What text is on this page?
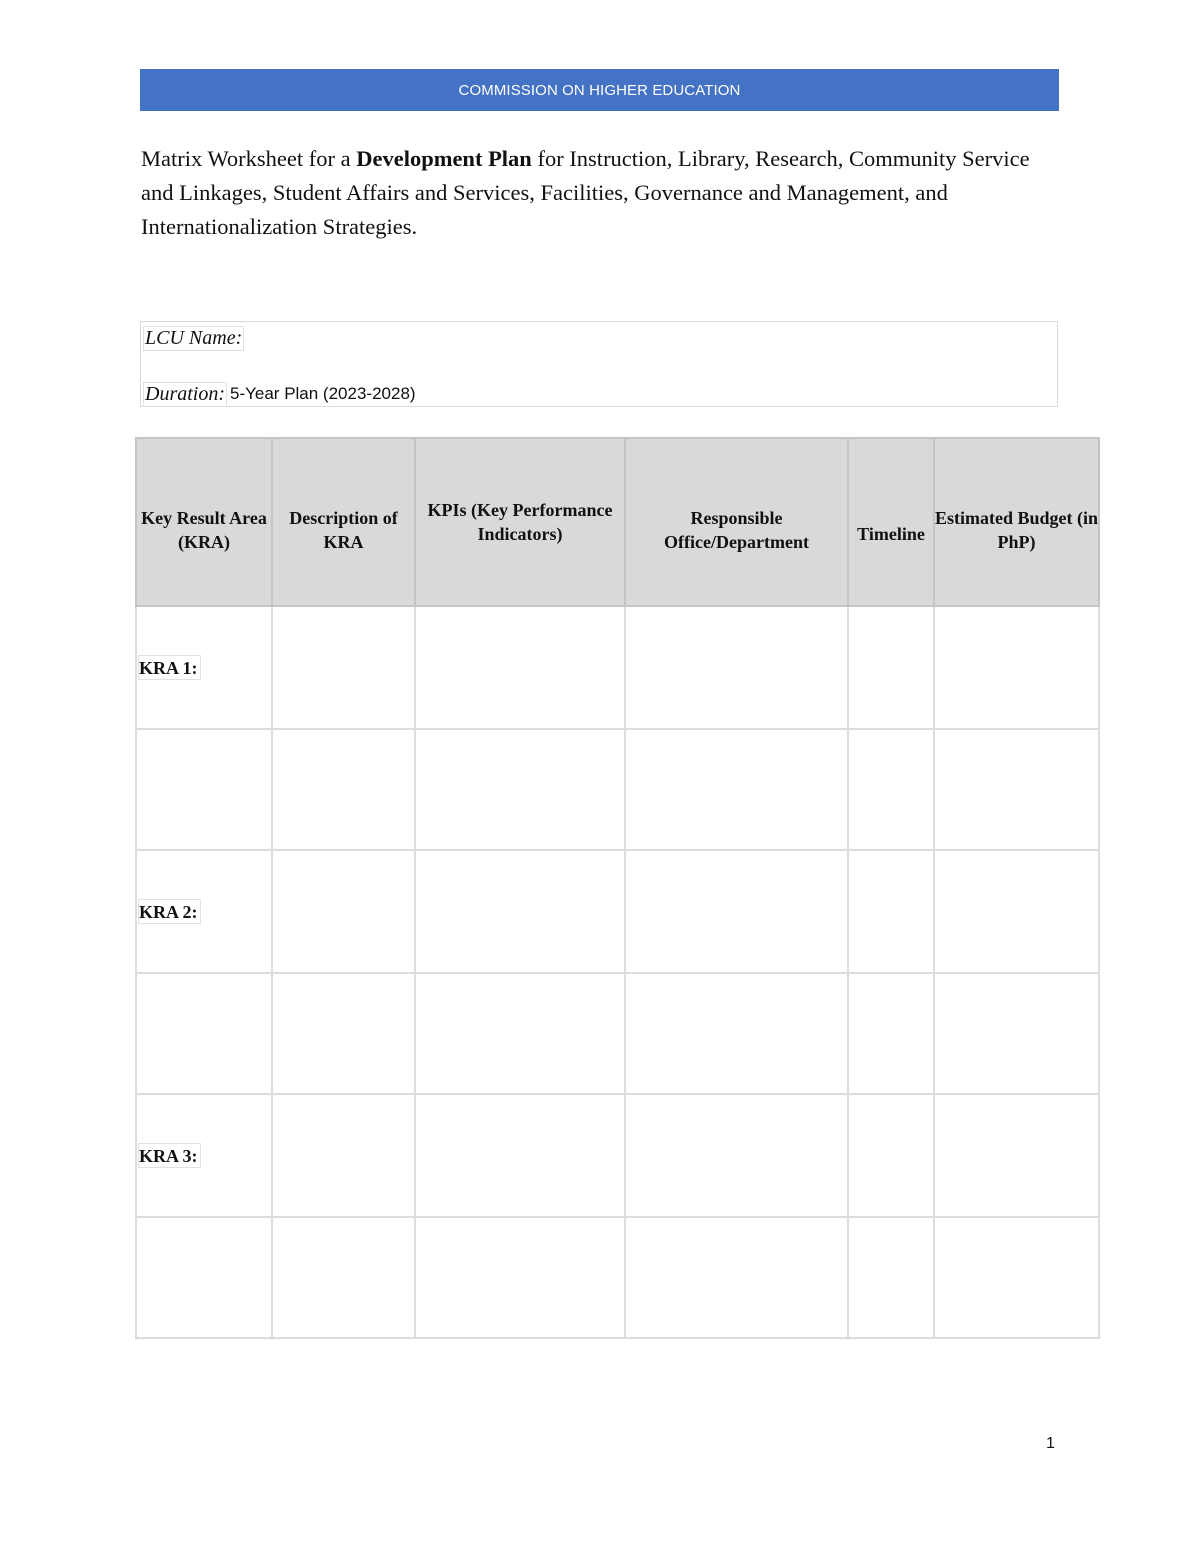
COMMISSION ON HIGHER EDUCATION
Matrix Worksheet for a Development Plan for Instruction, Library, Research, Community Service and Linkages, Student Affairs and Services, Facilities, Governance and Management, and Internationalization Strategies.
LCU Name:
Duration: 5-Year Plan (2023-2028)
Key Result Area (KRA)	Description of KRA	KPIs (Key Performance Indicators)	Responsible Office/Department	Timeline	Estimated Budget (in PhP)

KRA 1:					

KRA 2:					

KRA 3:					

1
